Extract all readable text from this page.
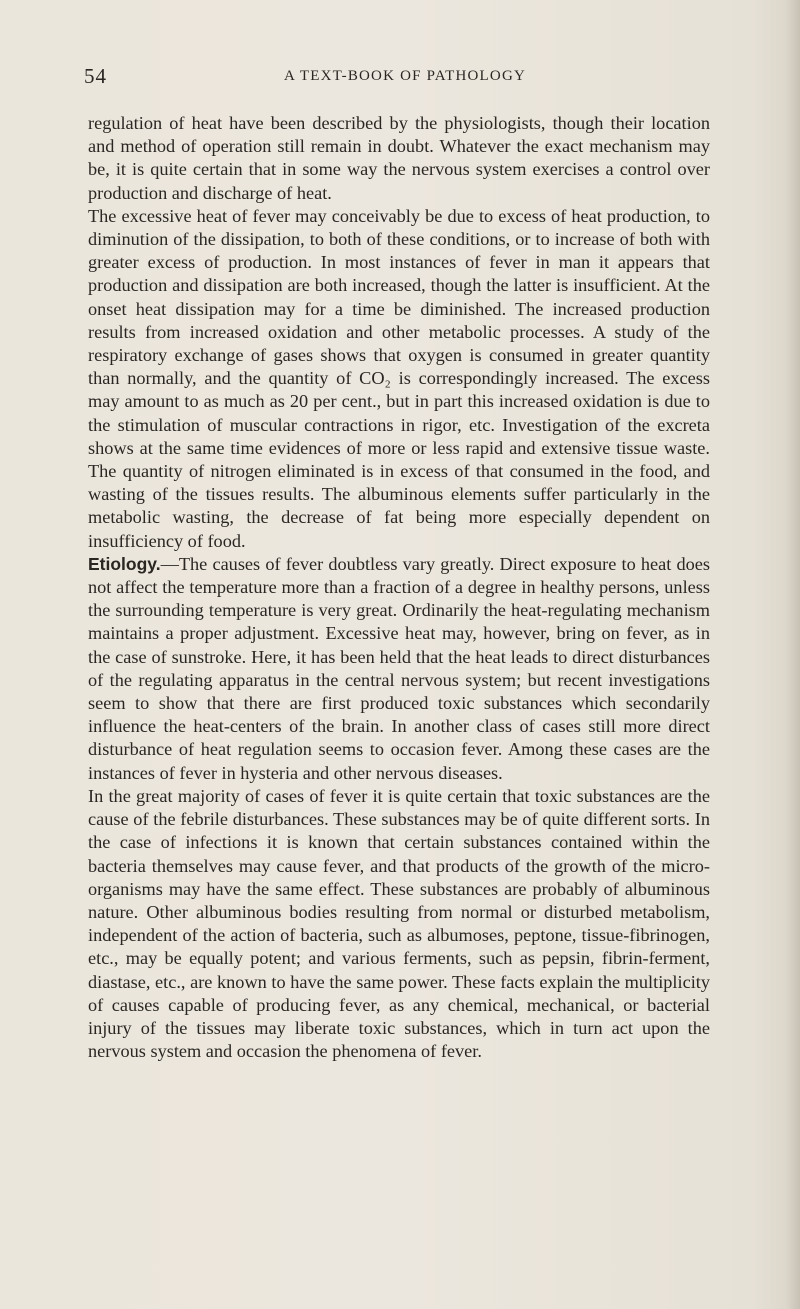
54	A TEXT-BOOK OF PATHOLOGY

regulation of heat have been described by the physiologists, though their location and method of operation still remain in doubt. Whatever the exact mechanism may be, it is quite certain that in some way the nervous system exercises a control over production and discharge of heat.

The excessive heat of fever may conceivably be due to excess of heat production, to diminution of the dissipation, to both of these conditions, or to increase of both with greater excess of production. In most instances of fever in man it appears that production and dissipation are both increased, though the latter is insufficient. At the onset heat dissipation may for a time be diminished. The increased production results from increased oxidation and other metabolic processes. A study of the respiratory exchange of gases shows that oxygen is consumed in greater quantity than normally, and the quantity of CO₂ is correspondingly increased. The excess may amount to as much as 20 per cent., but in part this increased oxidation is due to the stimulation of muscular contractions in rigor, etc. Investigation of the excreta shows at the same time evidences of more or less rapid and extensive tissue waste. The quantity of nitrogen eliminated is in excess of that consumed in the food, and wasting of the tissues results. The albuminous elements suffer particularly in the metabolic wasting, the decrease of fat being more especially dependent on insufficiency of food.

Etiology.—The causes of fever doubtless vary greatly. Direct exposure to heat does not affect the temperature more than a fraction of a degree in healthy persons, unless the surrounding temperature is very great. Ordinarily the heat-regulating mechanism maintains a proper adjustment. Excessive heat may, however, bring on fever, as in the case of sunstroke. Here, it has been held that the heat leads to direct disturbances of the regulating apparatus in the central nervous system; but recent investigations seem to show that there are first produced toxic substances which secondarily influence the heat-centers of the brain. In another class of cases still more direct disturbance of heat regulation seems to occasion fever. Among these cases are the instances of fever in hysteria and other nervous diseases.

In the great majority of cases of fever it is quite certain that toxic substances are the cause of the febrile disturbances. These substances may be of quite different sorts. In the case of infections it is known that certain substances contained within the bacteria themselves may cause fever, and that products of the growth of the micro-organisms may have the same effect. These substances are probably of albuminous nature. Other albuminous bodies resulting from normal or disturbed metabolism, independent of the action of bacteria, such as albumoses, peptone, tissue-fibrinogen, etc., may be equally potent; and various ferments, such as pepsin, fibrin-ferment, diastase, etc., are known to have the same power. These facts explain the multiplicity of causes capable of producing fever, as any chemical, mechanical, or bacterial injury of the tissues may liberate toxic substances, which in turn act upon the nervous system and occasion the phenomena of fever.
